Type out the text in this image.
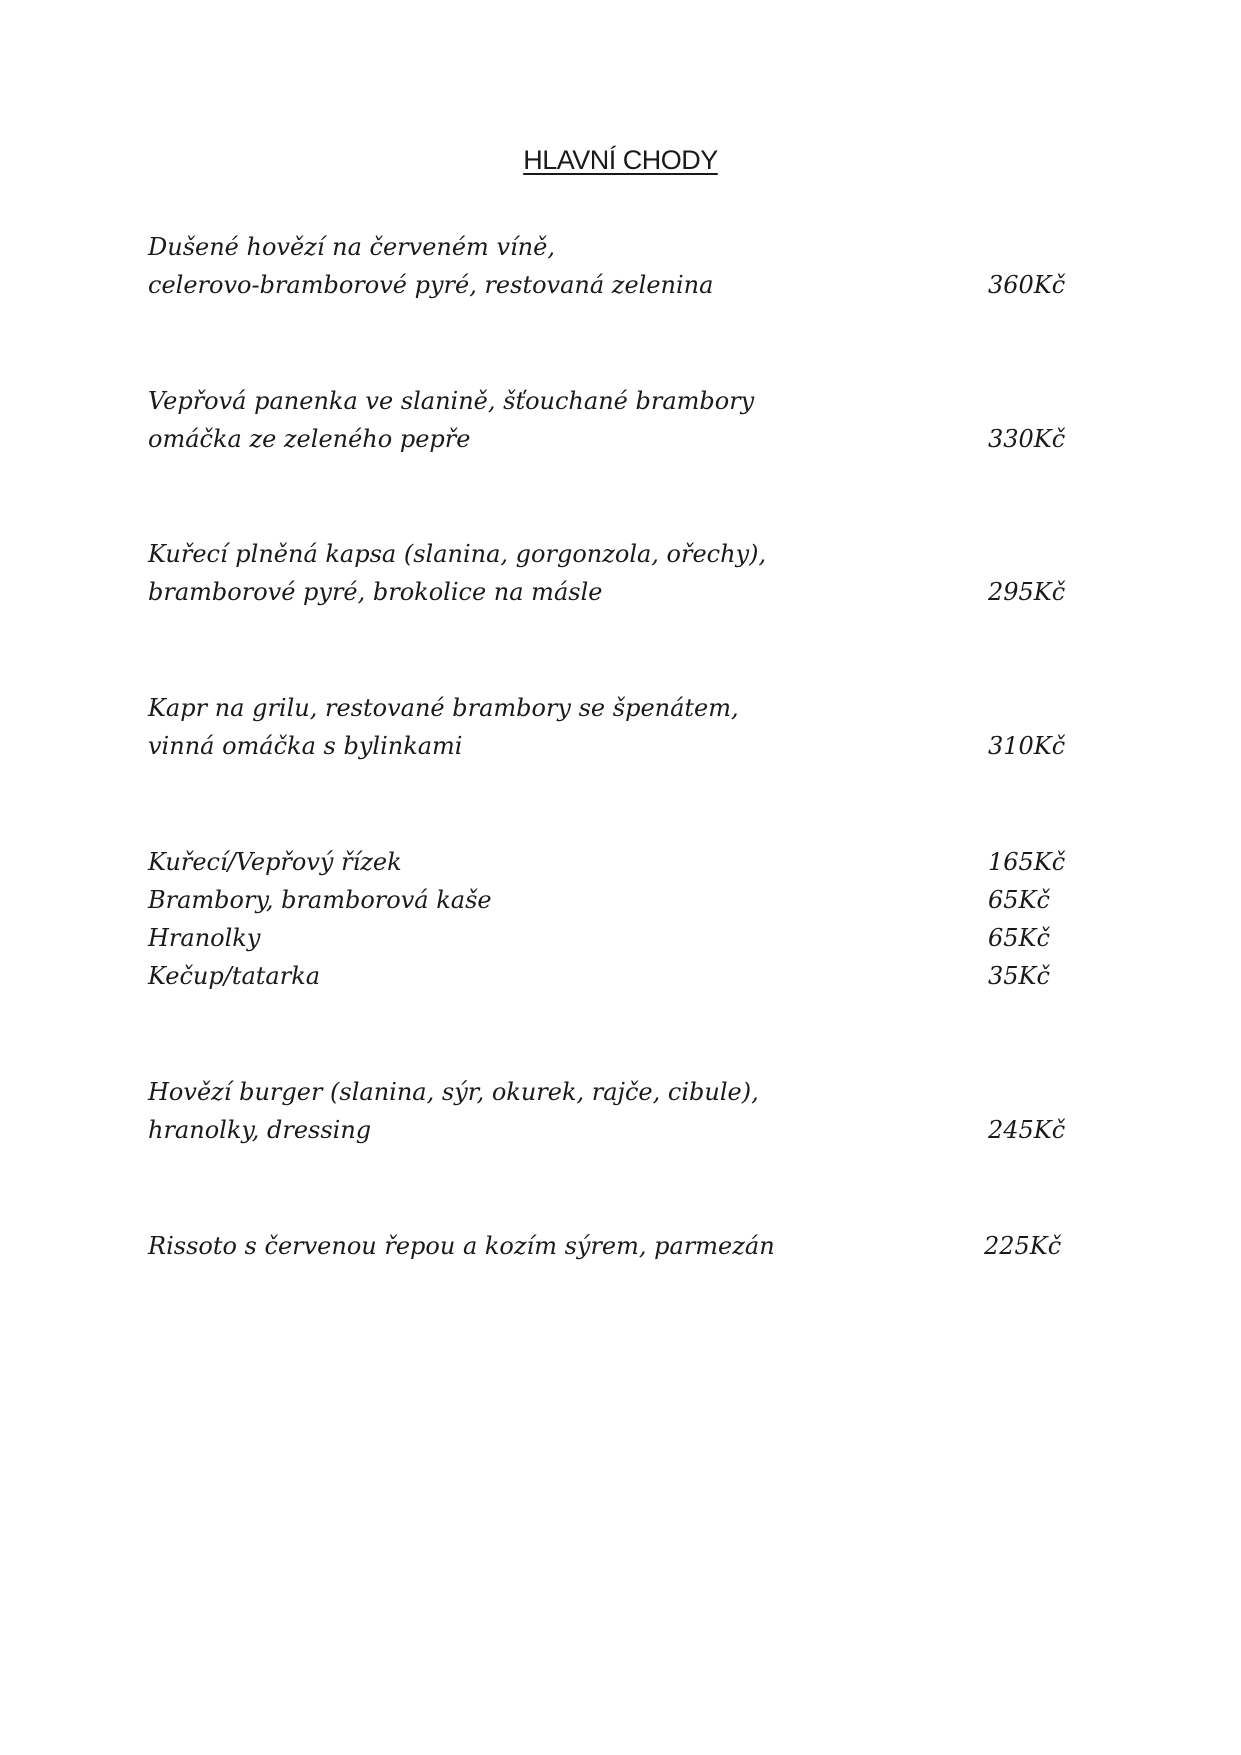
HLAVNÍ CHODY
Dušené hovězí na červeném víně,
celerovo-bramborové pyré, restovaná zelenina	360Kč
Vepřová panenka ve slanině, šťouchané brambory
omáčka ze zeleného pepře	330Kč
Kuřecí plněná kapsa (slanina, gorgonzola, ořechy),
bramborové pyré, brokolice na másle	295Kč
Kapr na grilu, restované brambory se špenátem,
vinná omáčka s bylinkami	310Kč
Kuřecí/Vepřový řízek	165Kč
Brambory, bramborová kaše	65Kč
Hranolky	65Kč
Kečup/tatarka	35Kč
Hovězí burger (slanina, sýr, okurek, rajče, cibule),
hranolky, dressing	245Kč
Rissoto s červenou řepou a kozím sýrem, parmezán	225Kč
